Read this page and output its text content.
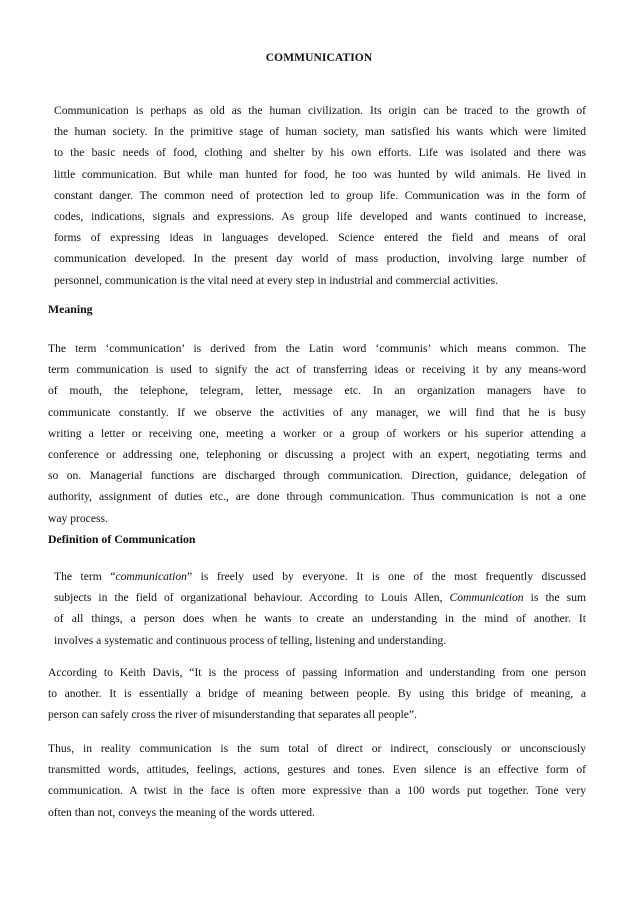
COMMUNICATION
Communication is perhaps as old as the human civilization. Its origin can be traced to the growth of
the human society. In the primitive stage of human society, man satisfied his wants which were limited
to the basic needs of food, clothing and shelter by his own efforts. Life was isolated and there was
little communication. But while man hunted for food, he too was hunted by wild animals. He lived in
constant danger. The common need of protection led to group life. Communication was in the form of
codes, indications, signals and expressions. As group life developed and wants continued to increase,
forms of expressing ideas in languages developed. Science entered the field and means of oral
communication developed. In the present day world of mass production, involving large number of
personnel, communication is the vital need at every step in industrial and commercial activities.
Meaning
The term ‘communication’ is derived from the Latin word ‘communis’ which means common. The
term communication is used to signify the act of transferring ideas or receiving it by any means-word
of mouth, the telephone, telegram, letter, message etc. In an organization managers have to
communicate constantly. If we observe the activities of any manager, we will find that he is busy
writing a letter or receiving one, meeting a worker or a group of workers or his superior attending a
conference or addressing one, telephoning or discussing a project with an expert, negotiating terms and
so on. Managerial functions are discharged through communication. Direction, guidance, delegation of
authority, assignment of duties etc., are done through communication. Thus communication is not a one
way process.
Definition of Communication
The term “communication” is freely used by everyone. It is one of the most frequently discussed
subjects in the field of organizational behaviour. According to Louis Allen, Communication is the sum
of all things, a person does when he wants to create an understanding in the mind of another. It
involves a systematic and continuous process of telling, listening and understanding.
According to Keith Davis, “It is the process of passing information and understanding from one person
to another. It is essentially a bridge of meaning between people. By using this bridge of meaning, a
person can safely cross the river of misunderstanding that separates all people”.
Thus, in reality communication is the sum total of direct or indirect, consciously or unconsciously
transmitted words, attitudes, feelings, actions, gestures and tones. Even silence is an effective form of
communication. A twist in the face is often more expressive than a 100 words put together. Tone very
often than not, conveys the meaning of the words uttered.
